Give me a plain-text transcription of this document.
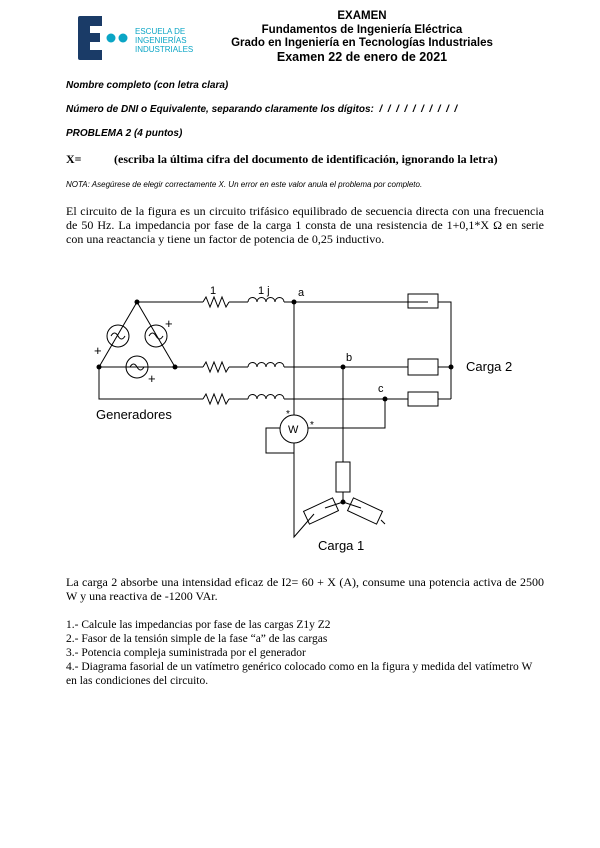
ESCUELA DE
INGENIERÍAS
INDUSTRIALES
EXAMEN
Fundamentos de Ingeniería Eléctrica
Grado en Ingeniería en Tecnologías Industriales
Examen 22 de enero de 2021
Nombre completo (con letra clara)
Número de DNI o Equivalente, separando claramente los dígitos:  /  /  /  /  /  /  /  /  /  /
PROBLEMA 2 (4 puntos)
X=	(escriba la última cifra del documento de identificación, ignorando la letra)
NOTA: Asegúrese de elegir correctamente X. Un error en este valor anula el problema por completo.
El circuito de la figura es un circuito trifásico equilibrado de secuencia directa con una frecuencia de 50 Hz. La impedancia por fase de la carga 1 consta de una resistencia de 1+0,1*X Ω en serie con una reactancia y tiene un factor de potencia de 0,25 inductivo.
1	1 j	a
b
c
+
+
+
Generadores
Carga 2
Carga 1
W
*
*
La carga 2 absorbe una intensidad eficaz de I2= 60 + X (A), consume una potencia activa de 2500 W y una reactiva de -1200 VAr.
1.- Calcule las impedancias por fase de las cargas Z1y Z2
2.- Fasor de la tensión simple de la fase “a” de las cargas
3.- Potencia compleja suministrada por el generador
4.- Diagrama fasorial de un vatímetro genérico colocado como en la figura y medida del vatímetro W en las condiciones del circuito.
